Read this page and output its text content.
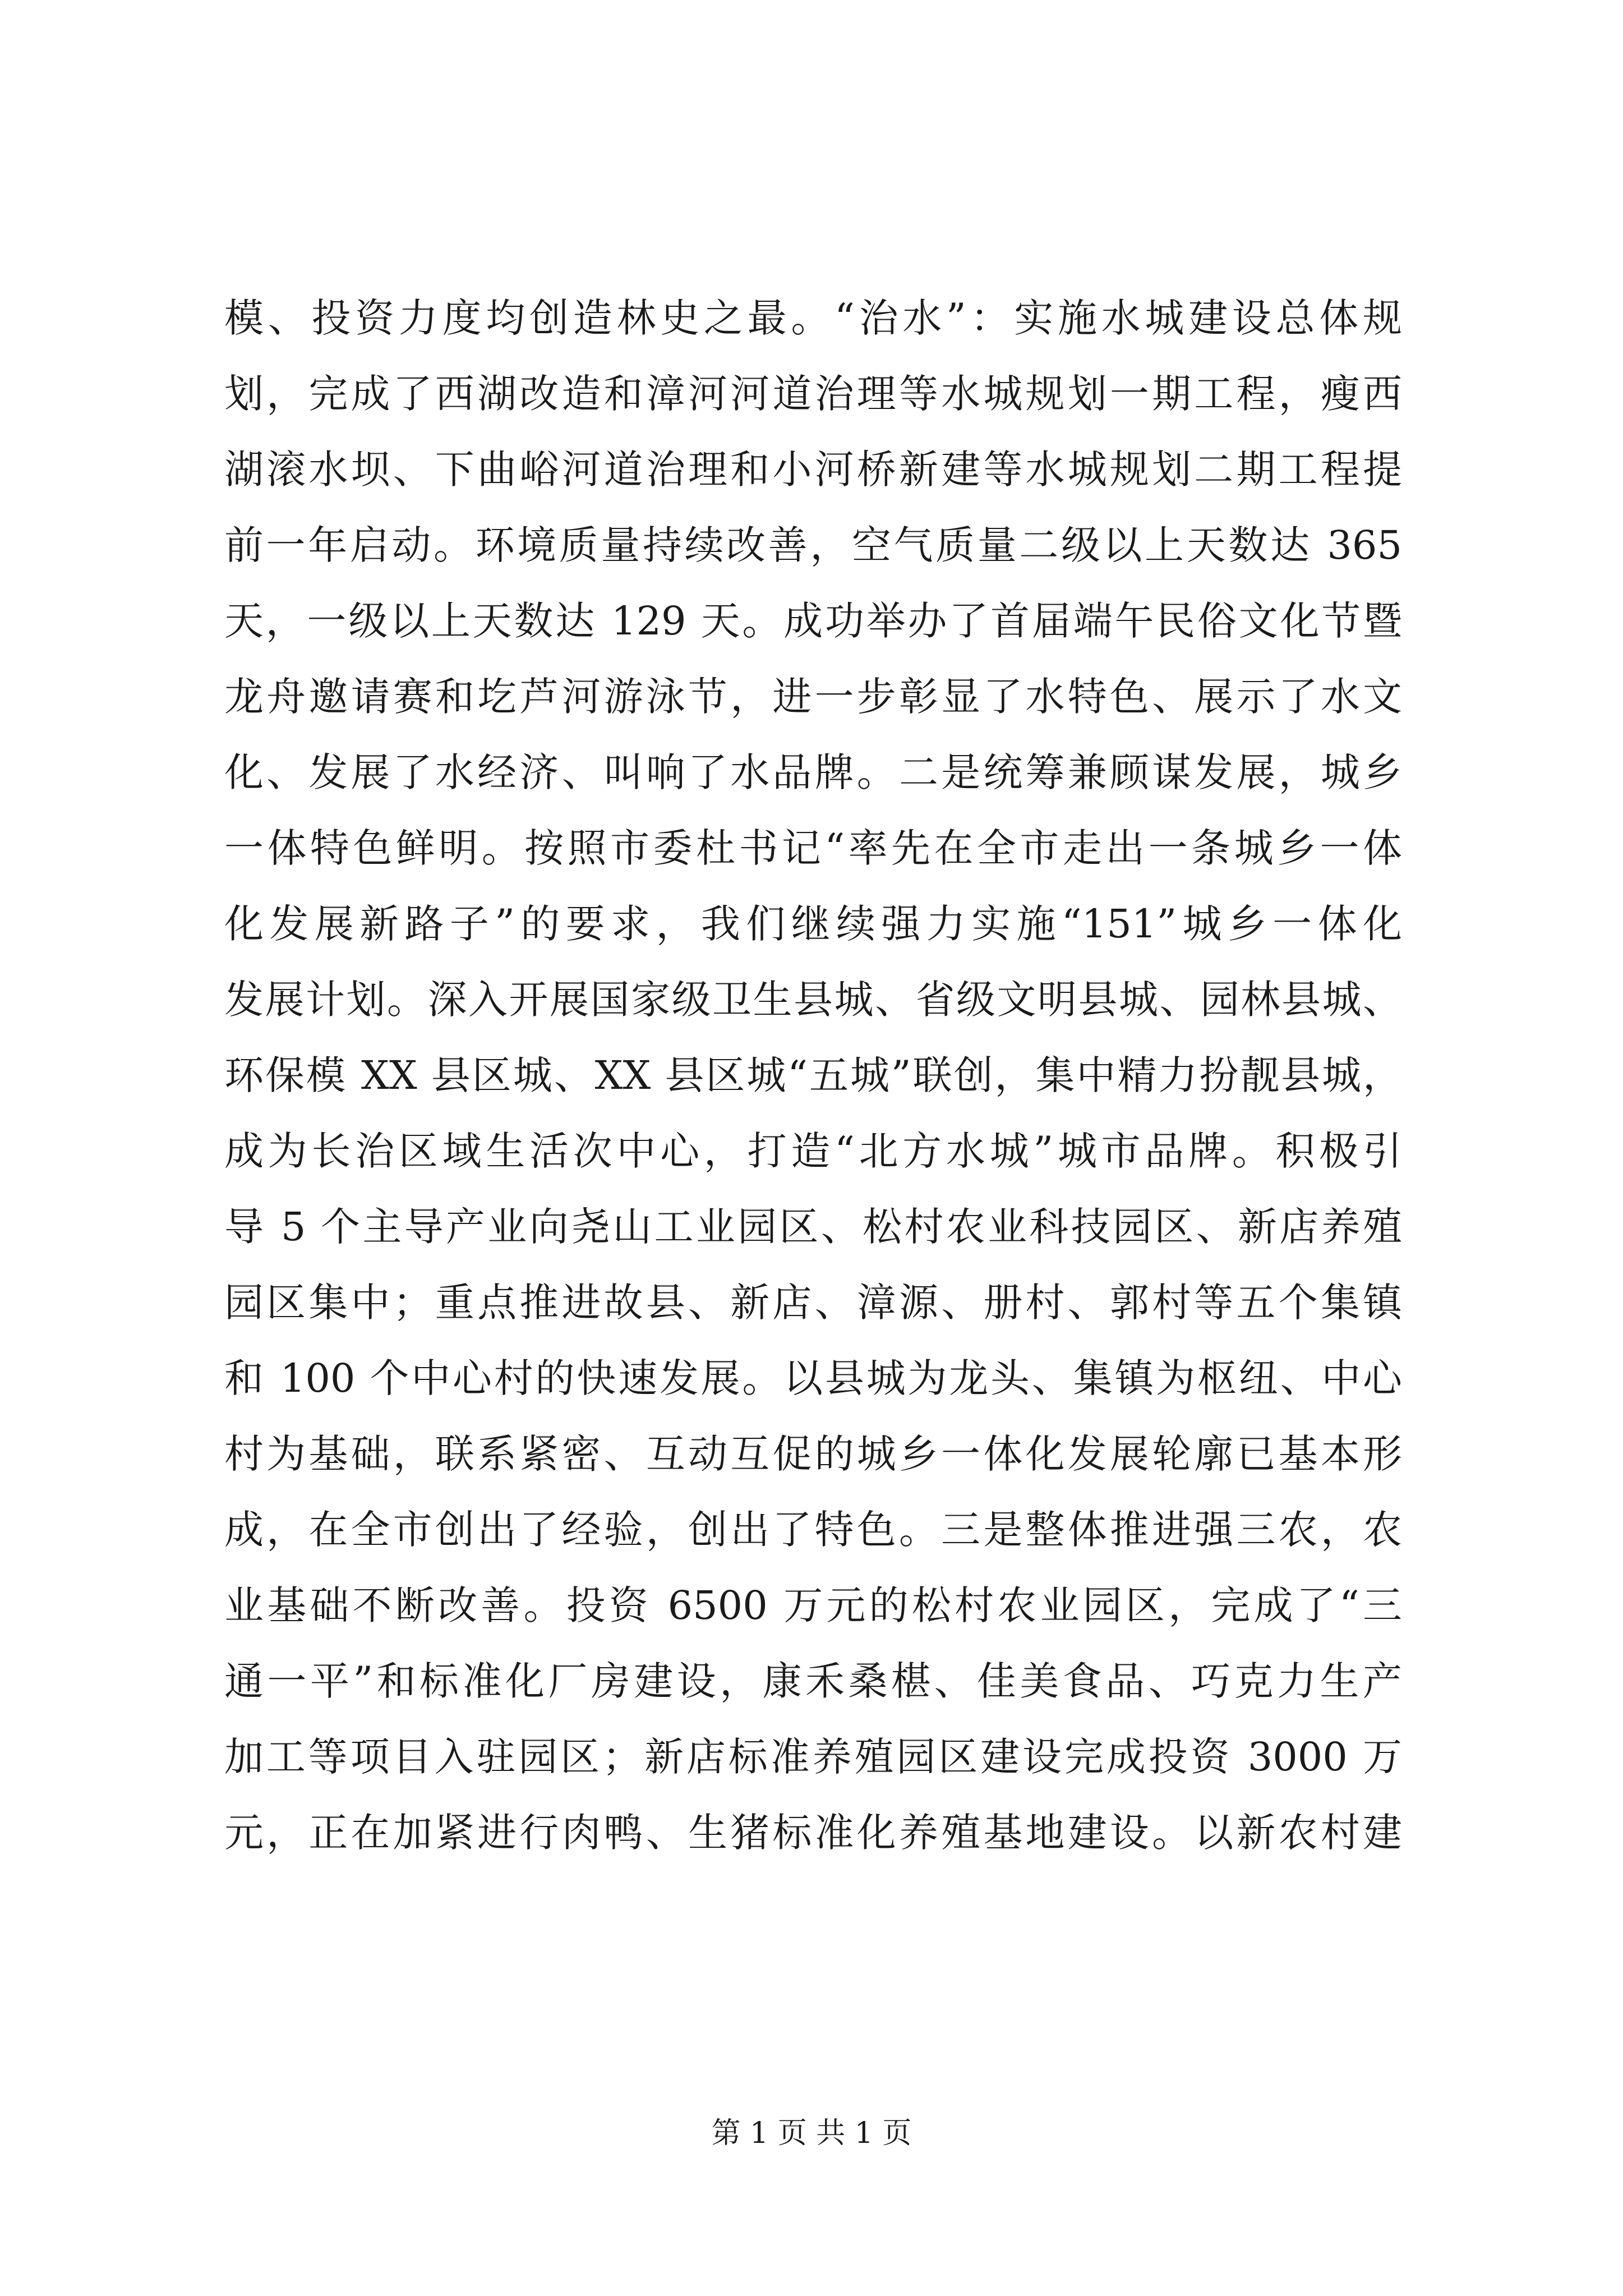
模、投资力度均创造林史之最。“治水”：实施水城建设总体规
划，完成了西湖改造和漳河河道治理等水城规划一期工程，瘦西
湖滚水坝、下曲峪河道治理和小河桥新建等水城规划二期工程提
前一年启动。环境质量持续改善，空气质量二级以上天数达 365
天，一级以上天数达 129 天。成功举办了首届端午民俗文化节暨
龙舟邀请赛和圪芦河游泳节，进一步彰显了水特色、展示了水文
化、发展了水经济、叫响了水品牌。二是统筹兼顾谋发展，城乡
一体特色鲜明。按照市委杜书记“率先在全市走出一条城乡一体
化发展新路子”的要求，我们继续强力实施“151”城乡一体化
发展计划。深入开展国家级卫生县城、省级文明县城、园林县城、
环保模 XX 县区城、XX 县区城“五城”联创，集中精力扮靓县城，
成为长治区域生活次中心，打造“北方水城”城市品牌。积极引
导 5 个主导产业向尧山工业园区、松村农业科技园区、新店养殖
园区集中；重点推进故县、新店、漳源、册村、郭村等五个集镇
和 100 个中心村的快速发展。以县城为龙头、集镇为枢纽、中心
村为基础，联系紧密、互动互促的城乡一体化发展轮廓已基本形
成，在全市创出了经验，创出了特色。三是整体推进强三农，农
业基础不断改善。投资 6500 万元的松村农业园区，完成了“三
通一平”和标准化厂房建设，康禾桑椹、佳美食品、巧克力生产
加工等项目入驻园区；新店标准养殖园区建设完成投资 3000 万
元，正在加紧进行肉鸭、生猪标准化养殖基地建设。以新农村建
第 1 页 共 1 页
